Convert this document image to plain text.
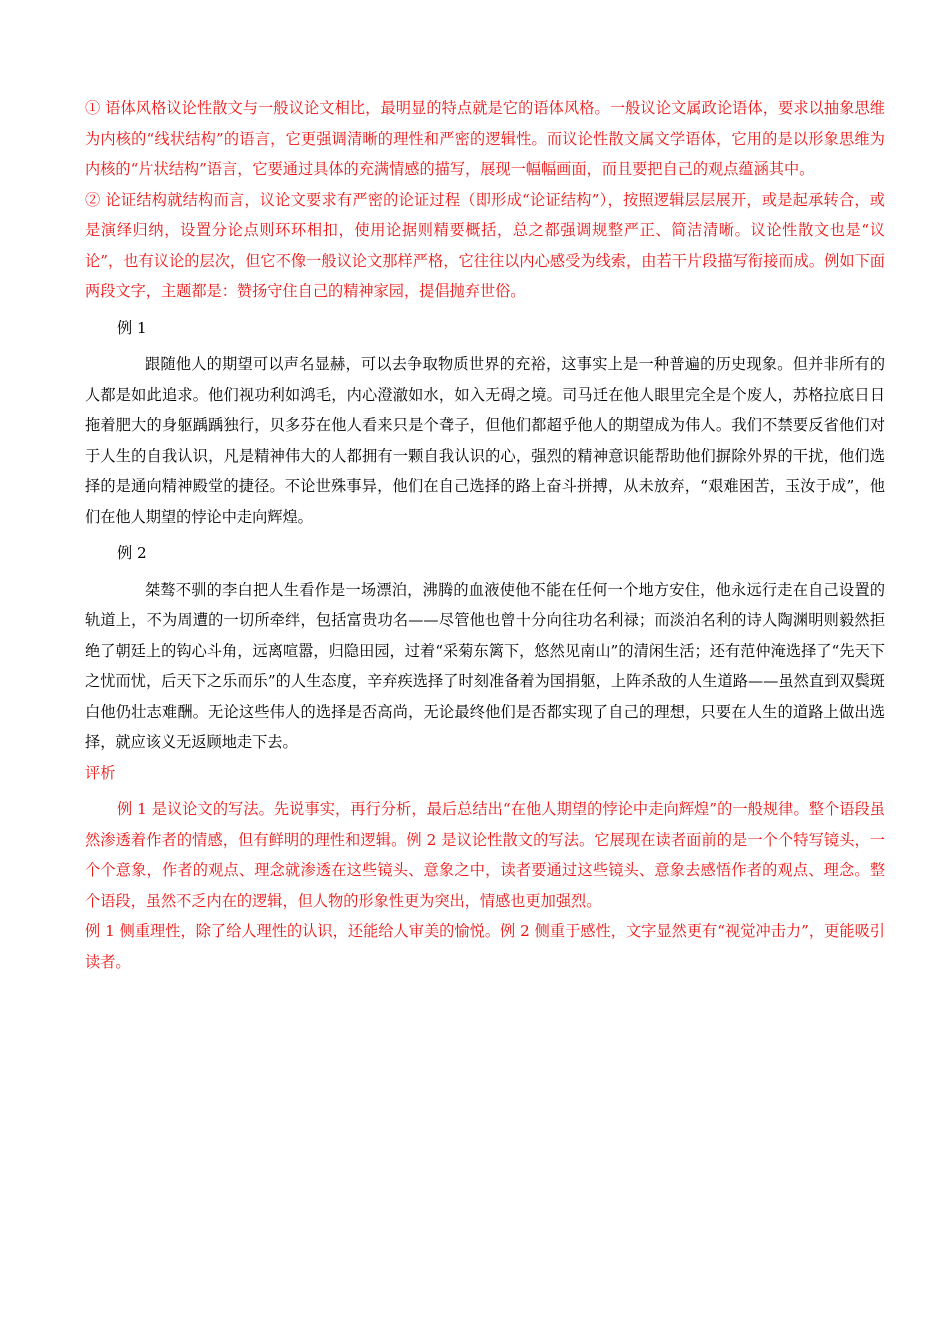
① 语体风格议论性散文与一般议论文相比，最明显的特点就是它的语体风格。一般议论文属政论语体，要求以抽象思维为内核的“线状结构”的语言，它更强调清晰的理性和严密的逻辑性。而议论性散文属文学语体，它用的是以形象思维为内核的“片状结构”语言，它要通过具体的充满情感的描写，展现一幅幅画面，而且要把自己的观点蕴涵其中。

② 论证结构就结构而言，议论文要求有严密的论证过程（即形成“论证结构”），按照逻辑层层展开，或是起承转合，或是演绎归纳，设置分论点则环环相扣，使用论据则精要概括，总之都强调规整严正、简洁清晰。议论性散文也是“议论”，也有议论的层次，但它不像一般议论文那样严格，它往往以内心感受为线索，由若干片段描写衔接而成。例如下面两段文字，主题都是：赞扬守住自己的精神家园，提倡抛弃世俗。

例 1

跟随他人的期望可以声名显赫，可以去争取物质世界的充裕，这事实上是一种普遍的历史现象。但并非所有的人都是如此追求。他们视功利如鸿毛，内心澄澈如水，如入无碍之境。司马迁在他人眼里完全是个废人，苏格拉底日日拖着肥大的身躯踽踽独行，贝多芬在他人看来只是个聋子，但他们都超乎他人的期望成为伟人。我们不禁要反省他们对于人生的自我认识，凡是精神伟大的人都拥有一颗自我认识的心，强烈的精神意识能帮助他们摒除外界的干扰，他们选择的是通向精神殿堂的捷径。不论世殊事异，他们在自己选择的路上奋斗拼搏，从未放弃，“艰难困苦，玉汝于成”，他们在他人期望的悖论中走向辉煌。

例 2

桀骜不驯的李白把人生看作是一场漂泊，沸腾的血液使他不能在任何一个地方安住，他永远行走在自己设置的轨道上，不为周遭的一切所牵绊，包括富贵功名——尽管他也曾十分向往功名利禄；而淡泊名利的诗人陶渊明则毅然拒绝了朝廷上的钩心斗角，远离喧嚣，归隐田园，过着“采菊东篱下，悠然见南山”的清闲生活；还有范仲淹选择了“先天下之忧而忧，后天下之乐而乐”的人生态度，辛弃疾选择了时刻准备着为国捐躯，上阵杀敌的人生道路——虽然直到双鬓斑白他仍壮志难酬。无论这些伟人的选择是否高尚，无论最终他们是否都实现了自己的理想，只要在人生的道路上做出选择，就应该义无返顾地走下去。

评析

例 1 是议论文的写法。先说事实，再行分析，最后总结出“在他人期望的悖论中走向辉煌”的一般规律。整个语段虽然渗透着作者的情感，但有鲜明的理性和逻辑。例 2 是议论性散文的写法。它展现在读者面前的是一个个特写镜头，一个个意象，作者的观点、理念就渗透在这些镜头、意象之中，读者要通过这些镜头、意象去感悟作者的观点、理念。整个语段，虽然不乏内在的逻辑，但人物的形象性更为突出，情感也更加强烈。

例 1 侧重理性，除了给人理性的认识，还能给人审美的愉悦。例 2 侧重于感性，文字显然更有“视觉冲击力”，更能吸引读者。
